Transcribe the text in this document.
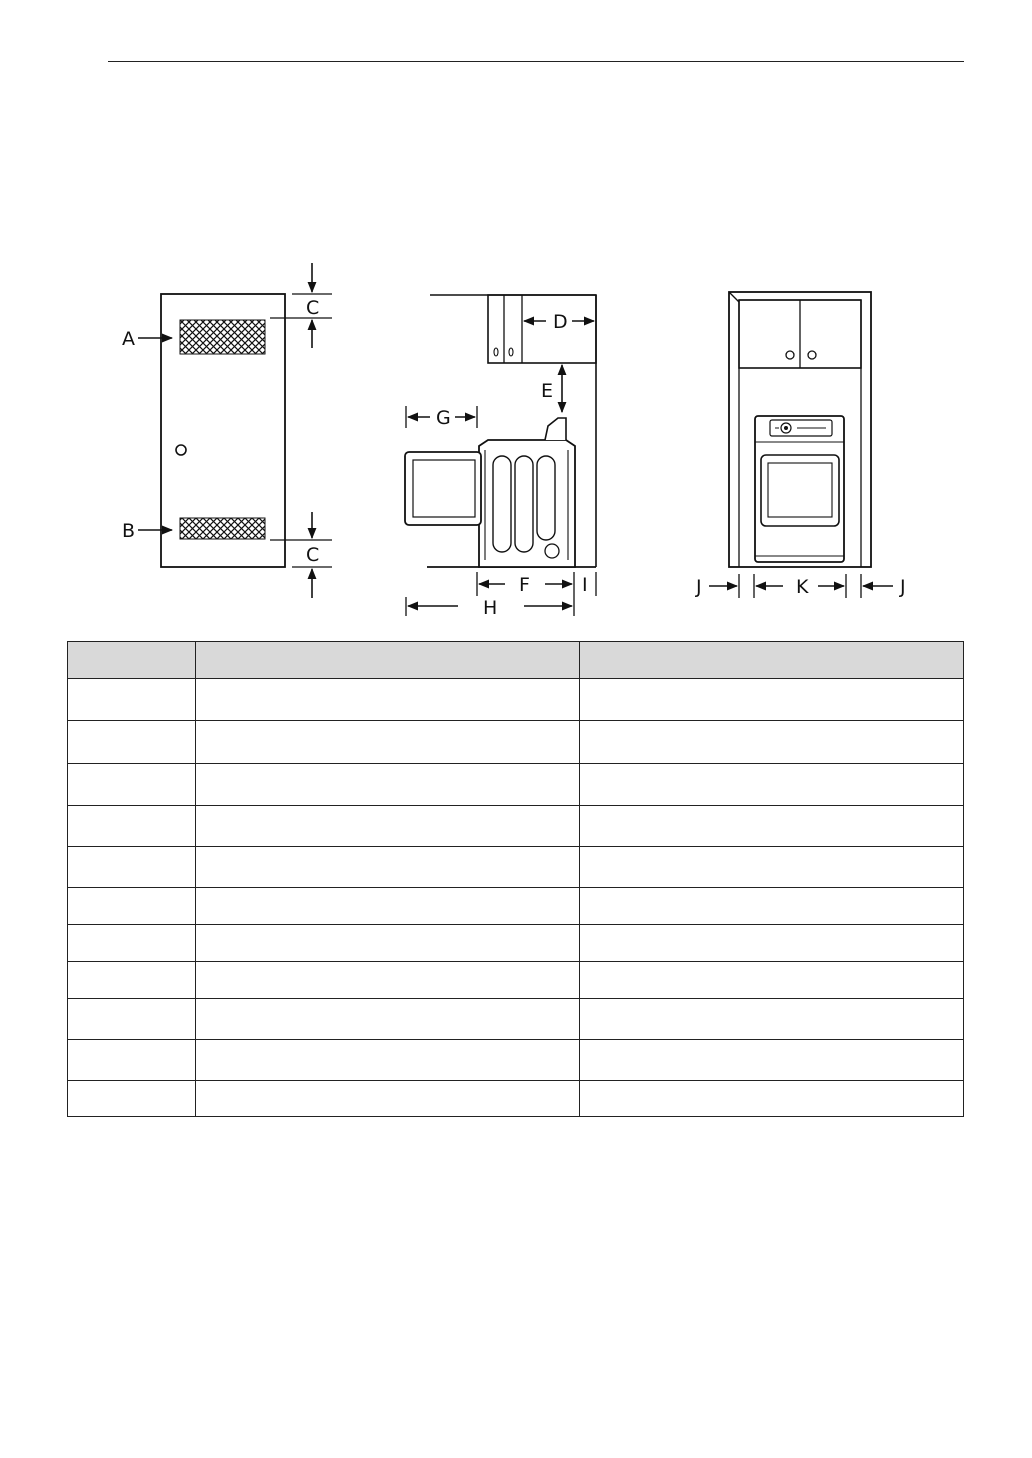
A
B
C
C
D
E
G
F	I
H
J	K	J
